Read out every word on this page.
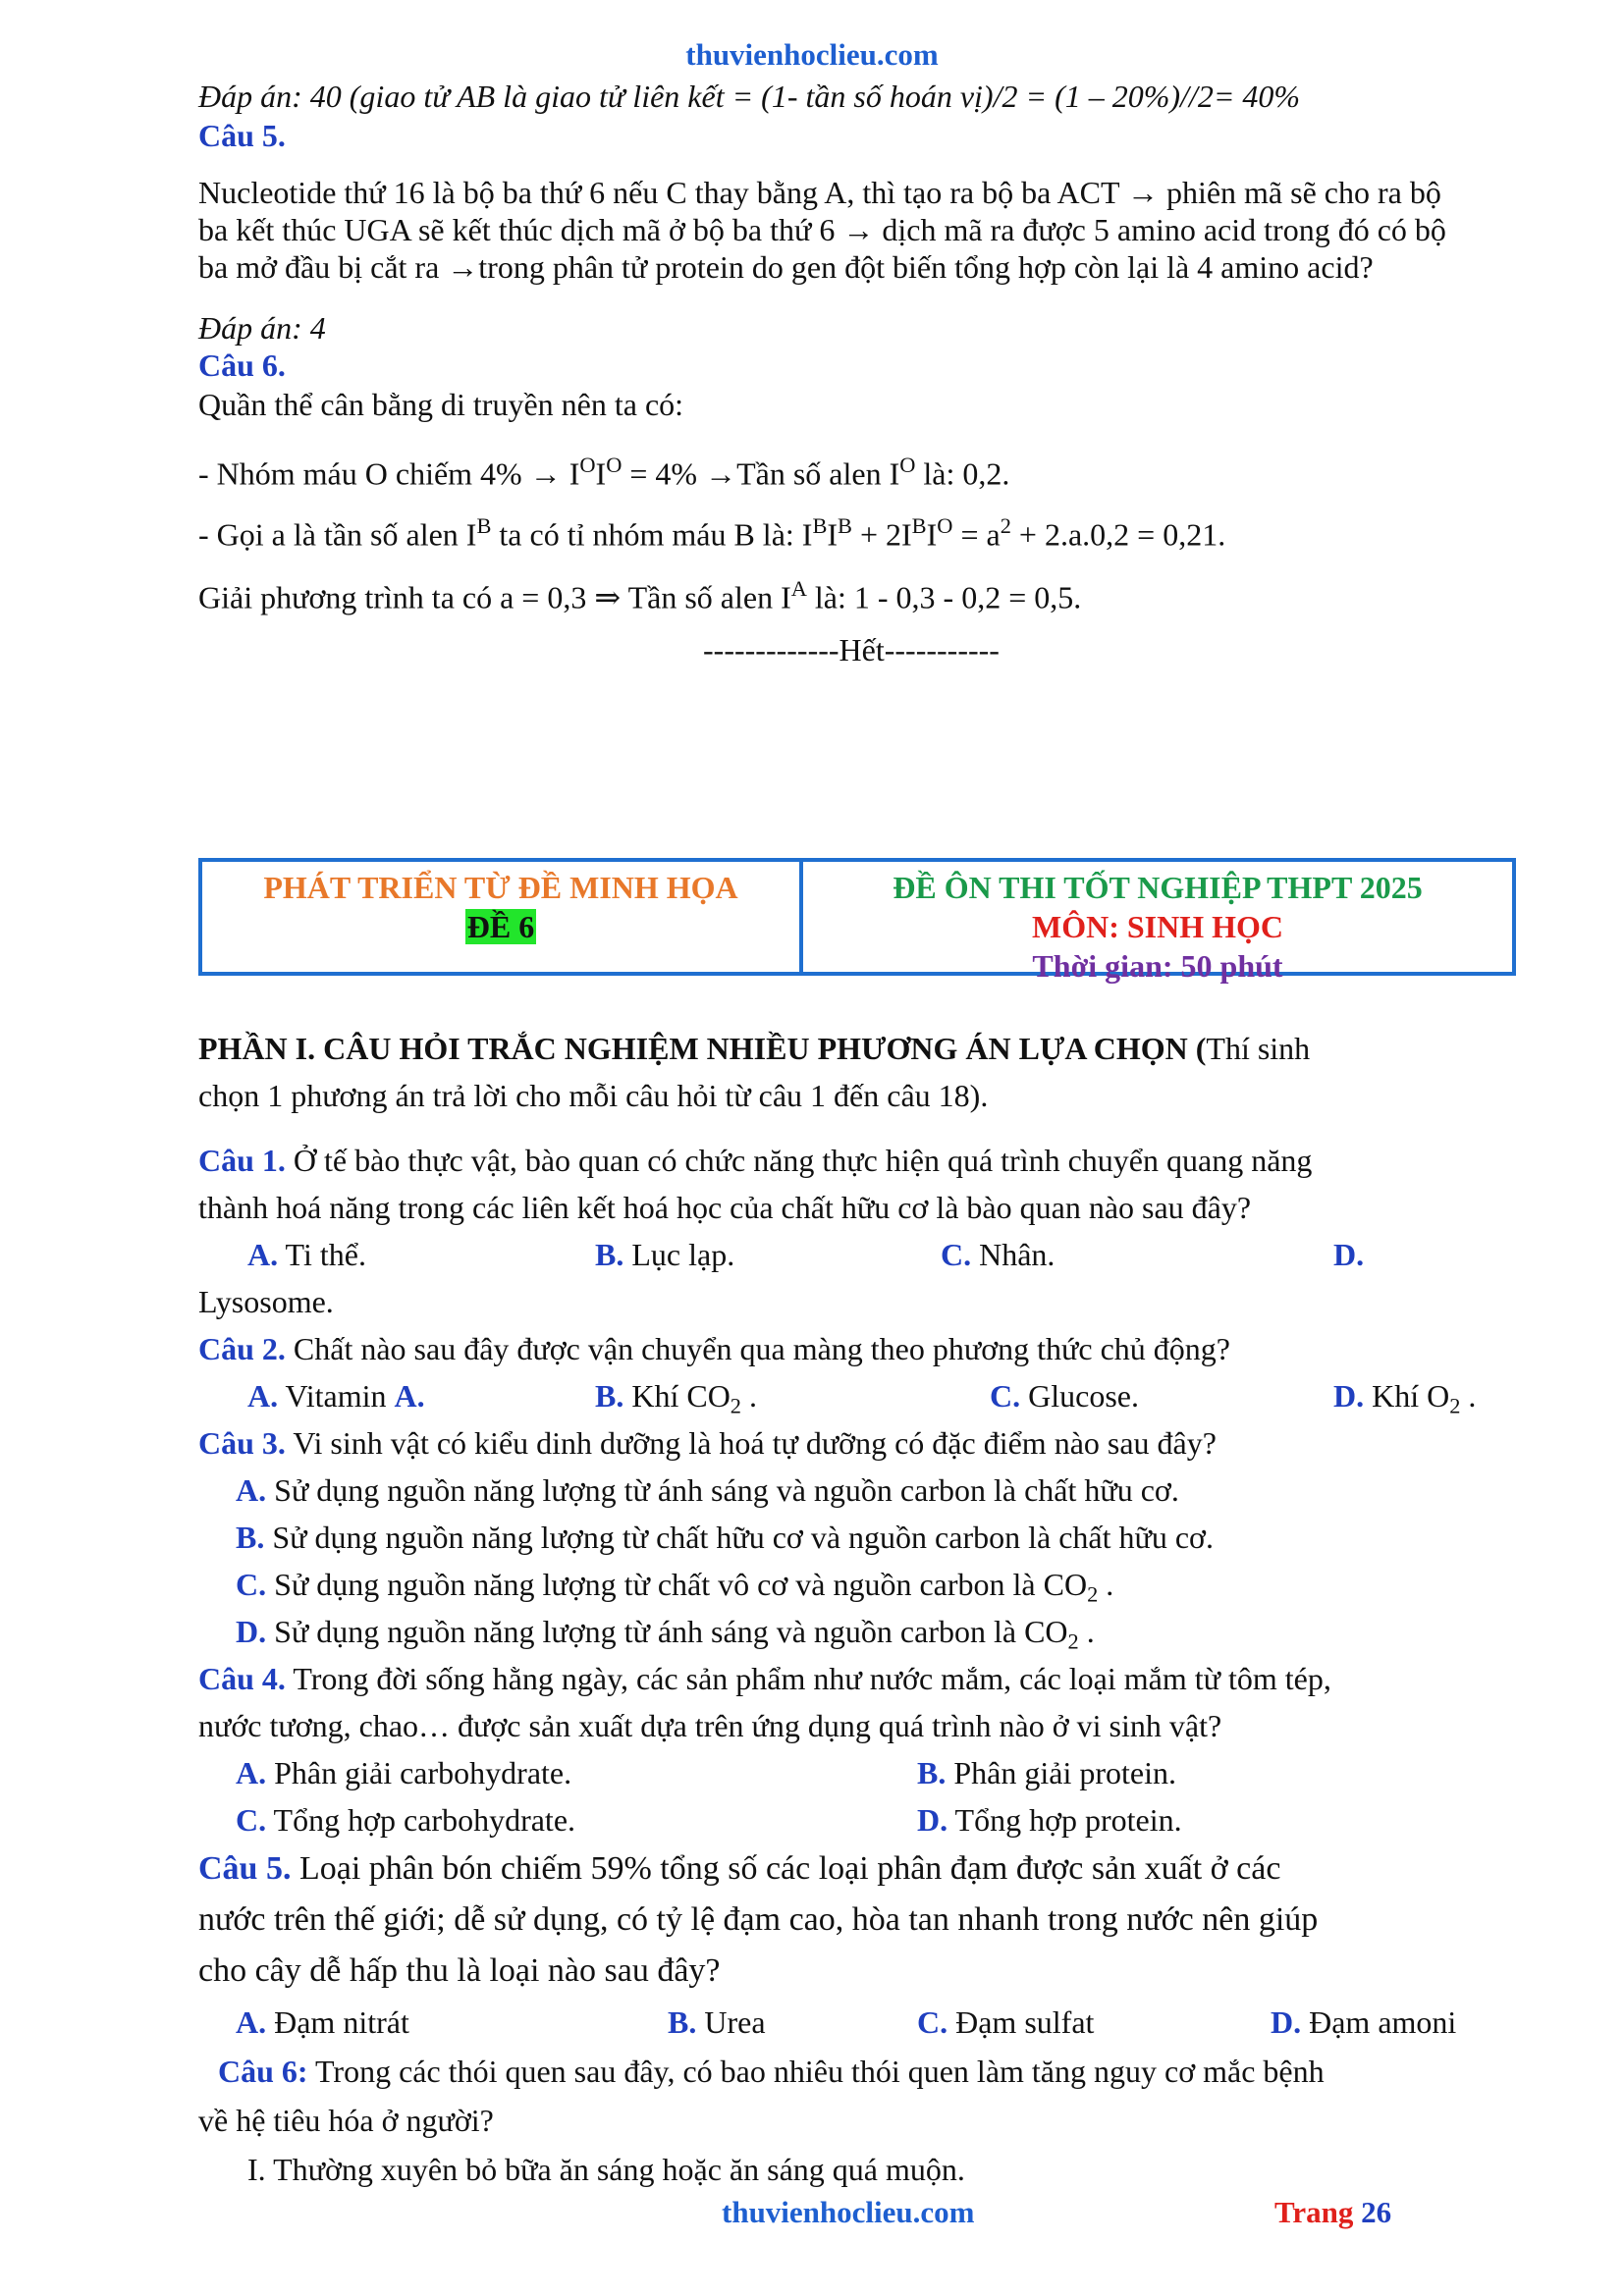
thuvienhoclieu.com
Đáp án: 40 (giao tử AB là giao tử liên kết = (1- tần số hoán vị)/2 = (1 – 20%)//2= 40%
Câu 5.
Nucleotide thứ 16 là bộ ba thứ 6 nếu C thay bằng A, thì tạo ra bộ ba ACT → phiên mã sẽ cho ra bộ
ba kết thúc UGA sẽ kết thúc dịch mã ở bộ ba thứ 6 → dịch mã ra được 5 amino acid trong đó có bộ
ba mở đầu bị cắt ra →trong phân tử protein do gen đột biến tổng hợp còn lại là 4 amino acid?
Đáp án: 4
Câu 6.
Quần thể cân bằng di truyền nên ta có:
- Nhóm máu O chiếm $4\% \to I^OI^O = 4\%$ →Tần số alen $I^O$ là: 0,2.
- Gọi a là tần số alen $I^B$ ta có tỉ nhóm máu B là: $I^BI^B + 2I^BI^O = a^2 + 2.a.0,2 = 0,21$.
Giải phương trình ta có a = 0,3 ⇒ Tần số alen $I^A$ là: 1 - 0,3 - 0,2 = 0,5.
-------------Hết-----------
PHÁT TRIỂN TỪ ĐỀ MINH HỌA
ĐỀ 6
ĐỀ ÔN THI TỐT NGHIỆP THPT 2025
MÔN: SINH HỌC
Thời gian: 50 phút
PHẦN I. CÂU HỎI TRẮC NGHIỆM NHIỀU PHƯƠNG ÁN LỰA CHỌN (Thí sinh
chọn 1 phương án trả lời cho mỗi câu hỏi từ câu 1 đến câu 18).
Câu 1. Ở tế bào thực vật, bào quan có chức năng thực hiện quá trình chuyển quang năng
thành hoá năng trong các liên kết hoá học của chất hữu cơ là bào quan nào sau đây?
A. Ti thể.	B. Lục lạp.	C. Nhân.	D.
Lysosome.
Câu 2. Chất nào sau đây được vận chuyển qua màng theo phương thức chủ động?
A. Vitamin A.	B. Khí $CO_2$ .	C. Glucose.	D. Khí $O_2$ .
Câu 3. Vi sinh vật có kiểu dinh dưỡng là hoá tự dưỡng có đặc điểm nào sau đây?
A. Sử dụng nguồn năng lượng từ ánh sáng và nguồn carbon là chất hữu cơ.
B. Sử dụng nguồn năng lượng từ chất hữu cơ và nguồn carbon là chất hữu cơ.
C. Sử dụng nguồn năng lượng từ chất vô cơ và nguồn carbon là $CO_2$ .
D. Sử dụng nguồn năng lượng từ ánh sáng và nguồn carbon là $CO_2$ .
Câu 4. Trong đời sống hằng ngày, các sản phẩm như nước mắm, các loại mắm từ tôm tép,
nước tương, chao… được sản xuất dựa trên ứng dụng quá trình nào ở vi sinh vật?
A. Phân giải carbohydrate.	B. Phân giải protein.
C. Tổng hợp carbohydrate.	D. Tổng hợp protein.
Câu 5. Loại phân bón chiếm 59% tổng số các loại phân đạm được sản xuất ở các
nước trên thế giới; dễ sử dụng, có tỷ lệ đạm cao, hòa tan nhanh trong nước nên giúp
cho cây dễ hấp thu là loại nào sau đây?
A. Đạm nitrát	B. Urea	C. Đạm sulfat	D. Đạm amoni
Câu 6: Trong các thói quen sau đây, có bao nhiêu thói quen làm tăng nguy cơ mắc bệnh
về hệ tiêu hóa ở người?
I. Thường xuyên bỏ bữa ăn sáng hoặc ăn sáng quá muộn.
thuvienhoclieu.com	Trang 26
